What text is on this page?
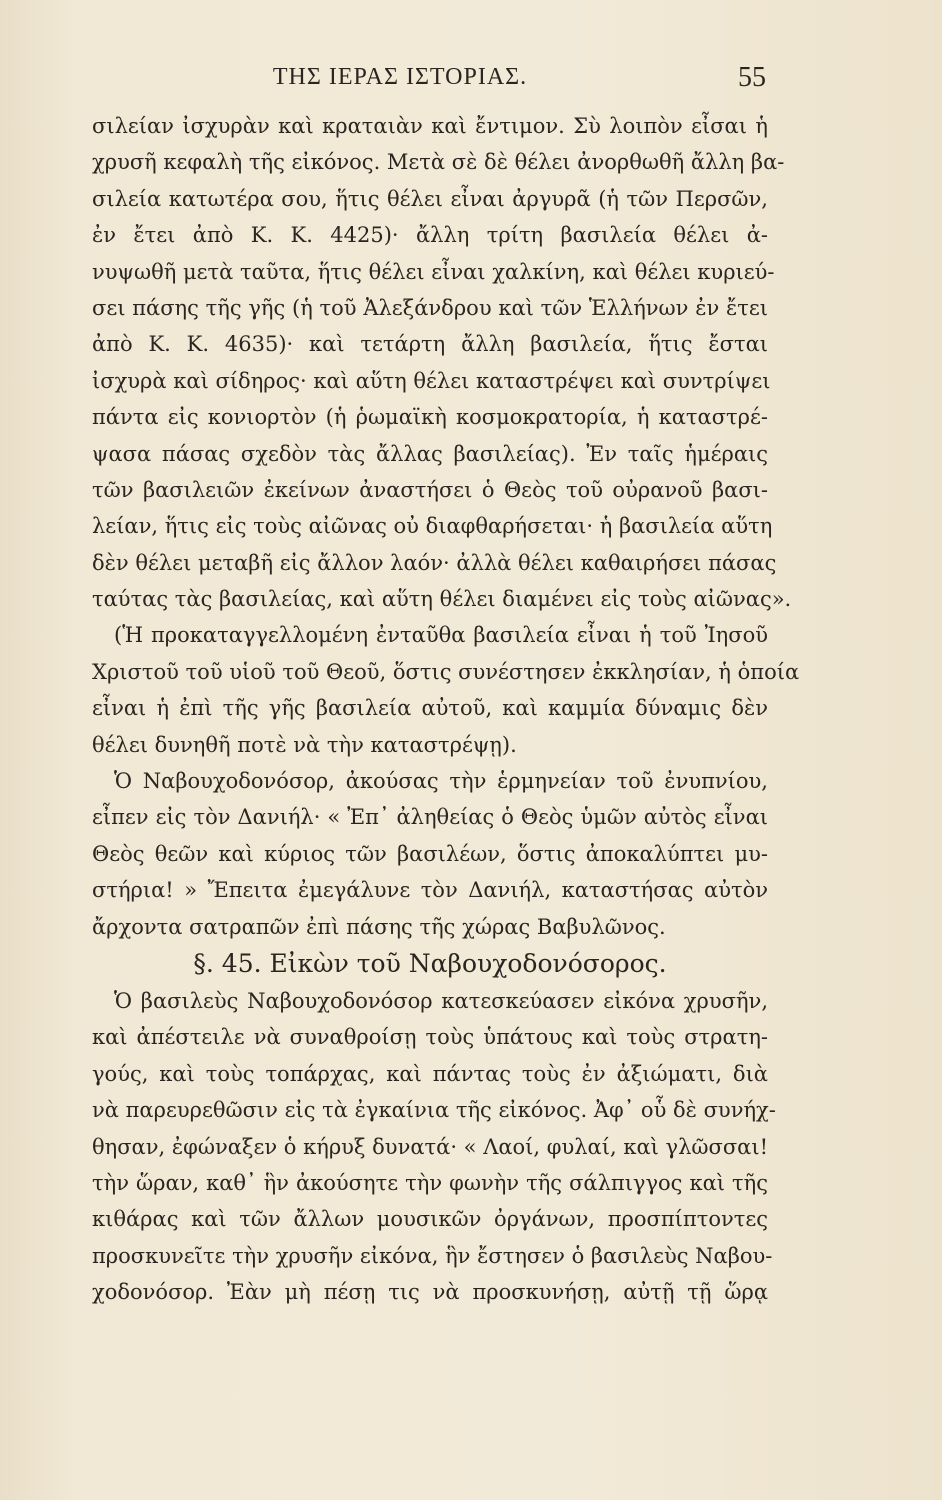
ΤΗΣ ΙΕΡΑΣ ΙΣΤΟΡΙΑΣ.	55
σιλείαν ἰσχυρὰν καὶ κραταιὰν καὶ ἔντιμον. Σὺ λοιπὸν εἶσαι ἡ
χρυσῆ κεφαλὴ τῆς εἰκόνος. Μετὰ σὲ δὲ θέλει ἀνορθωθῆ ἄλλη βα-
σιλεία κατωτέρα σου, ἥτις θέλει εἶναι ἀργυρᾶ (ἡ τῶν Περσῶν,
ἐν ἔτει ἀπὸ Κ. Κ. 4425)· ἄλλη τρίτη βασιλεία θέλει ἀ-
νυψωθῆ μετὰ ταῦτα, ἥτις θέλει εἶναι χαλκίνη, καὶ θέλει κυριεύ-
σει πάσης τῆς γῆς (ἡ τοῦ Ἀλεξάνδρου καὶ τῶν Ἑλλήνων ἐν ἔτει
ἀπὸ Κ. Κ. 4635)· καὶ τετάρτη ἄλλη βασιλεία, ἥτις ἔσται
ἰσχυρὰ καὶ σίδηρος· καὶ αὕτη θέλει καταστρέψει καὶ συντρίψει
πάντα εἰς κονιορτὸν (ἡ ῥωμαϊκὴ κοσμοκρατορία, ἡ καταστρέ-
ψασα πάσας σχεδὸν τὰς ἄλλας βασιλείας). Ἐν ταῖς ἡμέραις
τῶν βασιλειῶν ἐκείνων ἀναστήσει ὁ Θεὸς τοῦ οὐρανοῦ βασι-
λείαν, ἥτις εἰς τοὺς αἰῶνας οὐ διαφθαρήσεται· ἡ βασιλεία αὕτη
δὲν θέλει μεταβῆ εἰς ἄλλον λαόν· ἀλλὰ θέλει καθαιρήσει πάσας
ταύτας τὰς βασιλείας, καὶ αὕτη θέλει διαμένει εἰς τοὺς αἰῶνας».
(Ἡ προκαταγγελλομένη ἐνταῦθα βασιλεία εἶναι ἡ τοῦ Ἰησοῦ
Χριστοῦ τοῦ υἱοῦ τοῦ Θεοῦ, ὅστις συνέστησεν ἐκκλησίαν, ἡ ὁποία
εἶναι ἡ ἐπὶ τῆς γῆς βασιλεία αὐτοῦ, καὶ καμμία δύναμις δὲν
θέλει δυνηθῆ ποτὲ νὰ τὴν καταστρέψῃ).
Ὁ Ναβουχοδονόσορ, ἀκούσας τὴν ἑρμηνείαν τοῦ ἐνυπνίου,
εἶπεν εἰς τὸν Δανιήλ· « Ἐπ᾿ ἀληθείας ὁ Θεὸς ὑμῶν αὐτὸς εἶναι
Θεὸς θεῶν καὶ κύριος τῶν βασιλέων, ὅστις ἀποκαλύπτει μυ-
στήρια! » Ἔπειτα ἐμεγάλυνε τὸν Δανιήλ, καταστήσας αὐτὸν
ἄρχοντα σατραπῶν ἐπὶ πάσης τῆς χώρας Βαβυλῶνος.
§. 45. Εἰκὼν τοῦ Ναβουχοδονόσορος.
Ὁ βασιλεὺς Ναβουχοδονόσορ κατεσκεύασεν εἰκόνα χρυσῆν,
καὶ ἀπέστειλε νὰ συναθροίσῃ τοὺς ὑπάτους καὶ τοὺς στρατη-
γούς, καὶ τοὺς τοπάρχας, καὶ πάντας τοὺς ἐν ἀξιώματι, διὰ
νὰ παρευρεθῶσιν εἰς τὰ ἐγκαίνια τῆς εἰκόνος. Ἀφ᾿ οὗ δὲ συνήχ-
θησαν, ἐφώναξεν ὁ κήρυξ δυνατά· « Λαοί, φυλαί, καὶ γλῶσσαι!
τὴν ὥραν, καθ᾿ ἣν ἀκούσητε τὴν φωνὴν τῆς σάλπιγγος καὶ τῆς
κιθάρας καὶ τῶν ἄλλων μουσικῶν ὀργάνων, προσπίπτοντες
προσκυνεῖτε τὴν χρυσῆν εἰκόνα, ἣν ἔστησεν ὁ βασιλεὺς Ναβου-
χοδονόσορ. Ἐὰν μὴ πέσῃ τις νὰ προσκυνήσῃ, αὐτῇ τῇ ὥρᾳ
